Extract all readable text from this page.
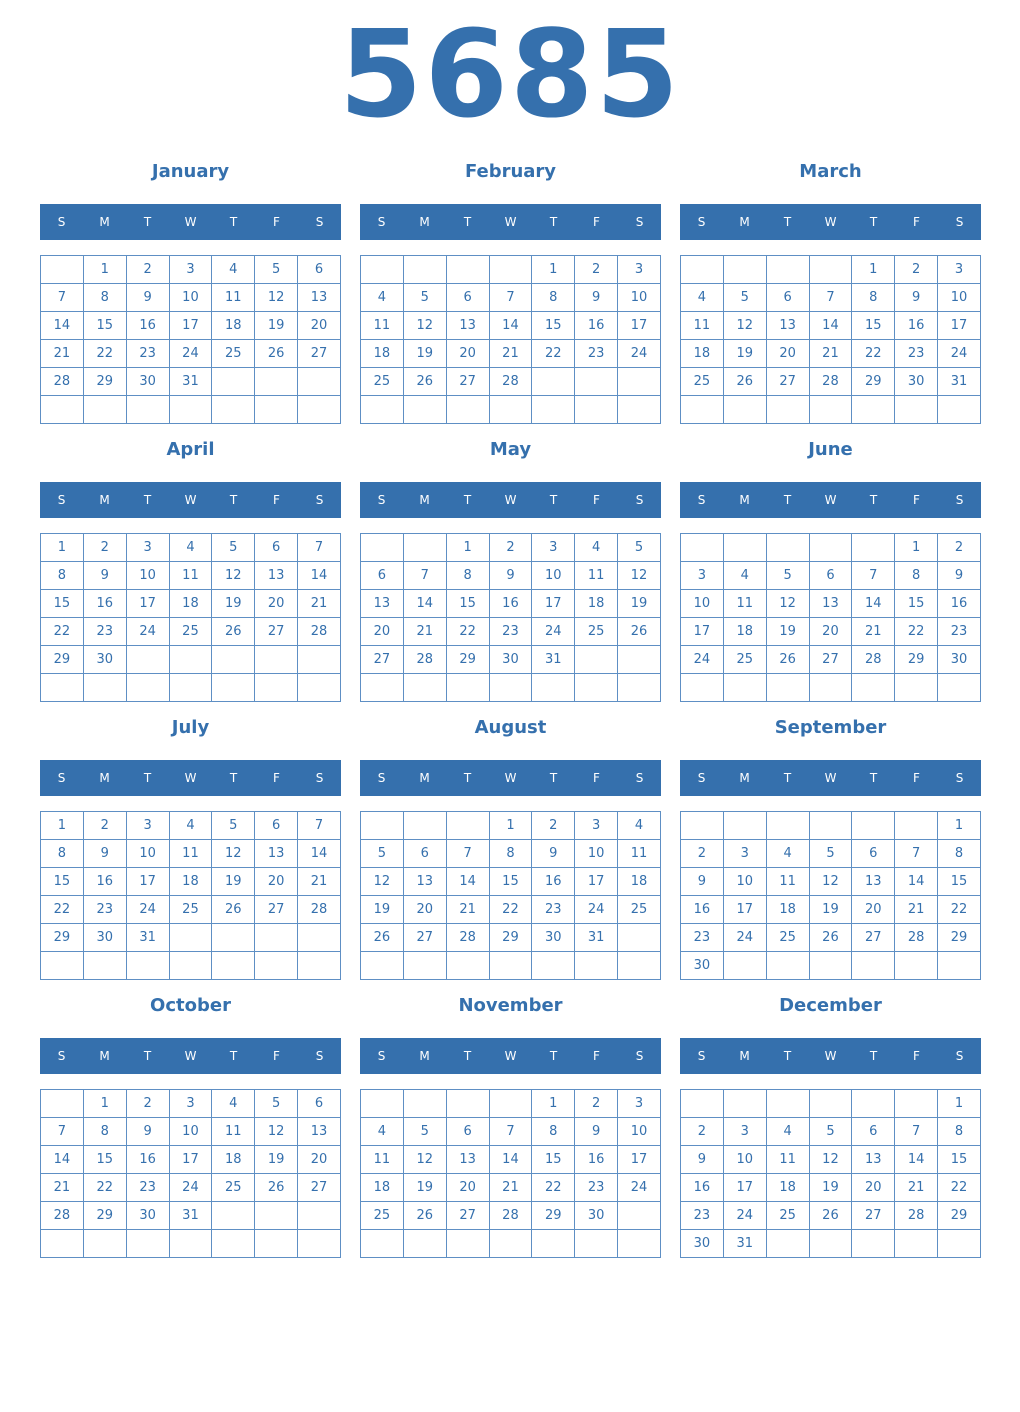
5685
January
S	M	T	W	T	F	S
	1	2	3	4	5	6
7	8	9	10	11	12	13
14	15	16	17	18	19	20
21	22	23	24	25	26	27
28	29	30	31			

February
S	M	T	W	T	F	S
				1	2	3
4	5	6	7	8	9	10
11	12	13	14	15	16	17
18	19	20	21	22	23	24
25	26	27	28			

March
S	M	T	W	T	F	S
				1	2	3
4	5	6	7	8	9	10
11	12	13	14	15	16	17
18	19	20	21	22	23	24
25	26	27	28	29	30	31

April
S	M	T	W	T	F	S
1	2	3	4	5	6	7
8	9	10	11	12	13	14
15	16	17	18	19	20	21
22	23	24	25	26	27	28
29	30					

May
S	M	T	W	T	F	S
		1	2	3	4	5
6	7	8	9	10	11	12
13	14	15	16	17	18	19
20	21	22	23	24	25	26
27	28	29	30	31		

June
S	M	T	W	T	F	S
					1	2
3	4	5	6	7	8	9
10	11	12	13	14	15	16
17	18	19	20	21	22	23
24	25	26	27	28	29	30

July
S	M	T	W	T	F	S
1	2	3	4	5	6	7
8	9	10	11	12	13	14
15	16	17	18	19	20	21
22	23	24	25	26	27	28
29	30	31				

August
S	M	T	W	T	F	S
			1	2	3	4
5	6	7	8	9	10	11
12	13	14	15	16	17	18
19	20	21	22	23	24	25
26	27	28	29	30	31	

September
S	M	T	W	T	F	S
						1
2	3	4	5	6	7	8
9	10	11	12	13	14	15
16	17	18	19	20	21	22
23	24	25	26	27	28	29
30						
October
S	M	T	W	T	F	S
	1	2	3	4	5	6
7	8	9	10	11	12	13
14	15	16	17	18	19	20
21	22	23	24	25	26	27
28	29	30	31			

November
S	M	T	W	T	F	S
				1	2	3
4	5	6	7	8	9	10
11	12	13	14	15	16	17
18	19	20	21	22	23	24
25	26	27	28	29	30	

December
S	M	T	W	T	F	S
						1
2	3	4	5	6	7	8
9	10	11	12	13	14	15
16	17	18	19	20	21	22
23	24	25	26	27	28	29
30	31					
